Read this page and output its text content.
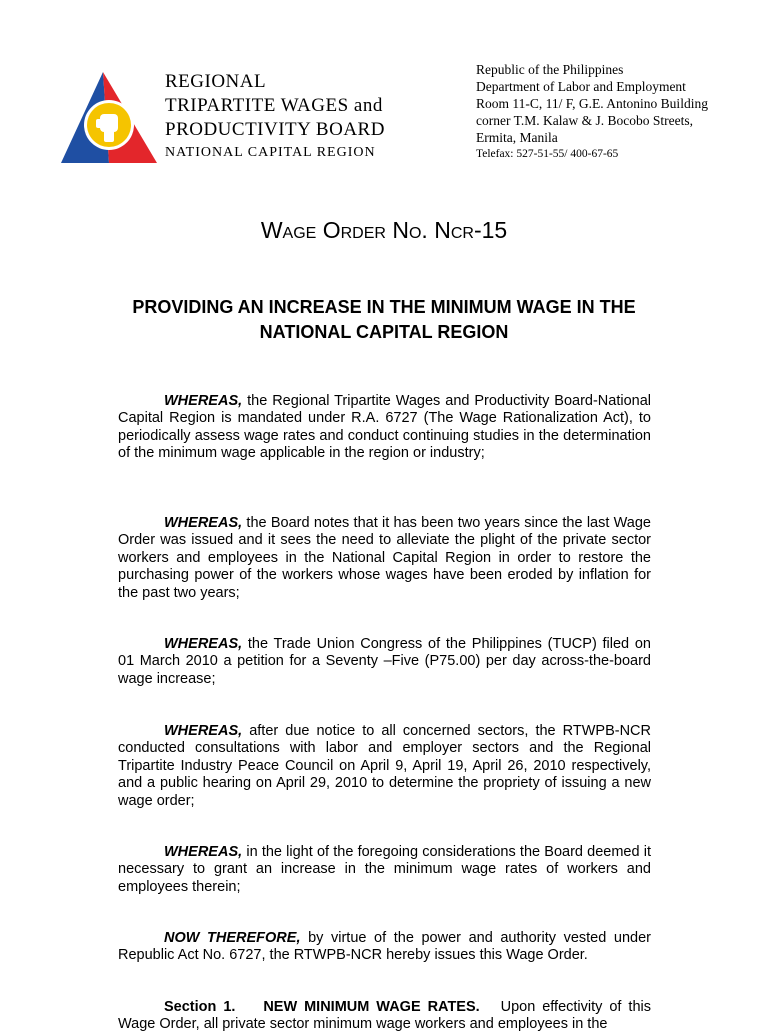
REGIONAL
TRIPARTITE WAGES and
PRODUCTIVITY BOARD
NATIONAL CAPITAL REGION
Republic of the Philippines
Department of Labor and Employment
Room 11-C, 11/ F, G.E. Antonino Building
corner T.M. Kalaw & J. Bocobo Streets,
Ermita, Manila
Telefax: 527-51-55/ 400-67-65
Wage Order No. Ncr-15
PROVIDING AN INCREASE IN THE MINIMUM WAGE IN THE NATIONAL CAPITAL REGION
WHEREAS, the Regional Tripartite Wages and Productivity Board-National Capital Region is mandated under R.A. 6727 (The Wage Rationalization Act), to periodically assess wage rates and conduct continuing studies in the determination of the minimum wage applicable in the region or industry;
WHEREAS, the Board notes that it has been two years since the last Wage Order was issued and it sees the need to alleviate the plight of the private sector workers and employees in the National Capital Region in order to restore the purchasing power of the workers whose wages have been eroded by inflation for the past two years;
WHEREAS, the Trade Union Congress of the Philippines (TUCP) filed on 01 March 2010 a petition for a Seventy –Five (P75.00) per day across-the-board wage increase;
WHEREAS, after due notice to all concerned sectors, the RTWPB-NCR conducted consultations with labor and employer sectors and the Regional Tripartite Industry Peace Council on April 9, April 19, April 26, 2010 respectively, and a public hearing on April 29, 2010 to determine the propriety of issuing a new wage order;
WHEREAS, in the light of the foregoing considerations the Board deemed it necessary to grant an increase in the minimum wage rates of workers and employees therein;
NOW THEREFORE, by virtue of the power and authority vested under Republic Act No. 6727, the RTWPB-NCR hereby issues this Wage Order.
Section 1. NEW MINIMUM WAGE RATES. Upon effectivity of this Wage Order, all private sector minimum wage workers and employees in the
